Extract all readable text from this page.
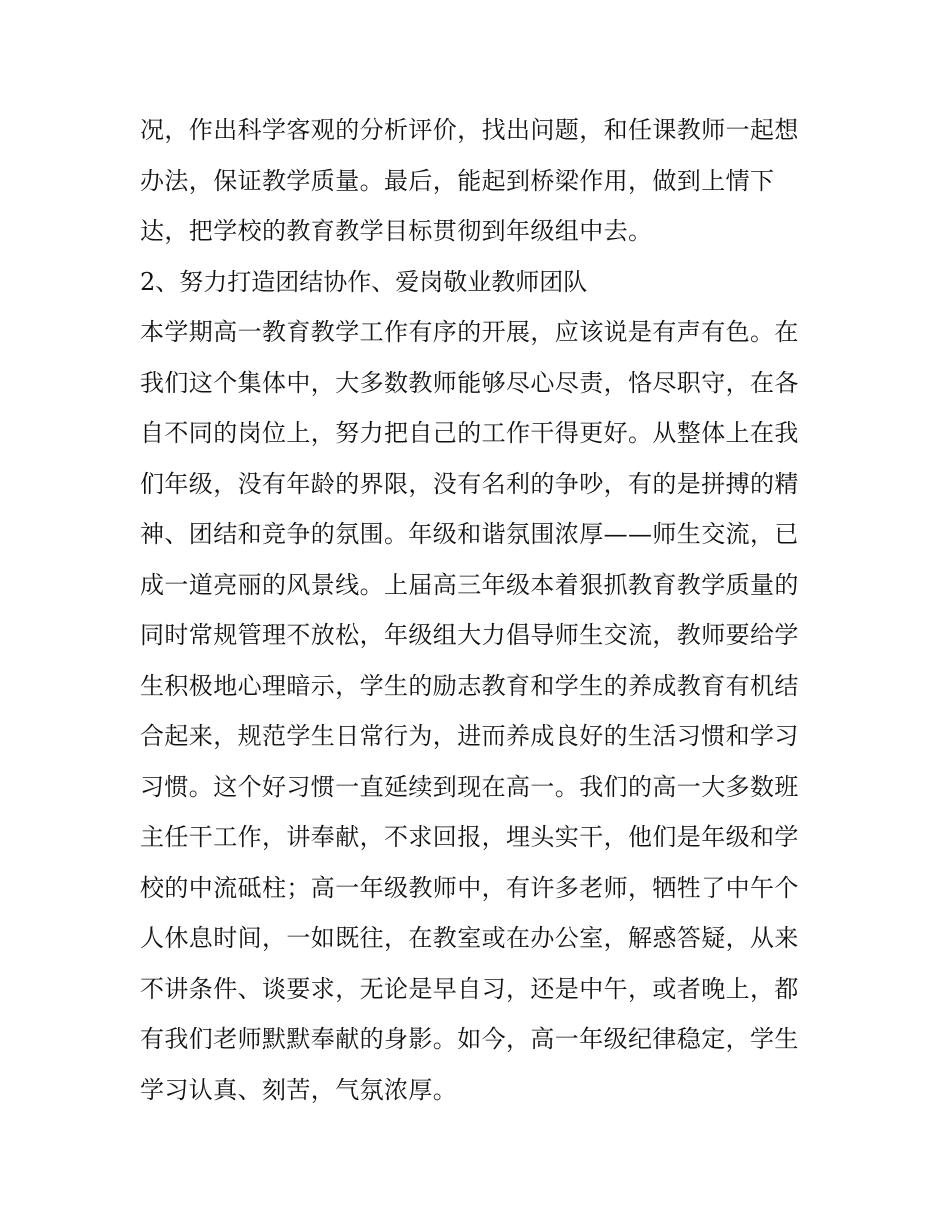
况，作出科学客观的分析评价，找出问题，和任课教师一起想
办法，保证教学质量。最后，能起到桥梁作用，做到上情下
达，把学校的教育教学目标贯彻到年级组中去。
2、努力打造团结协作、爱岗敬业教师团队
本学期高一教育教学工作有序的开展，应该说是有声有色。在
我们这个集体中，大多数教师能够尽心尽责，恪尽职守，在各
自不同的岗位上，努力把自己的工作干得更好。从整体上在我
们年级，没有年龄的界限，没有名利的争吵，有的是拼搏的精
神、团结和竞争的氛围。年级和谐氛围浓厚——师生交流，已
成一道亮丽的风景线。上届高三年级本着狠抓教育教学质量的
同时常规管理不放松，年级组大力倡导师生交流，教师要给学
生积极地心理暗示，学生的励志教育和学生的养成教育有机结
合起来，规范学生日常行为，进而养成良好的生活习惯和学习
习惯。这个好习惯一直延续到现在高一。我们的高一大多数班
主任干工作，讲奉献，不求回报，埋头实干，他们是年级和学
校的中流砥柱；高一年级教师中，有许多老师，牺牲了中午个
人休息时间，一如既往，在教室或在办公室，解惑答疑，从来
不讲条件、谈要求，无论是早自习，还是中午，或者晚上，都
有我们老师默默奉献的身影。如今，高一年级纪律稳定，学生
学习认真、刻苦，气氛浓厚。
